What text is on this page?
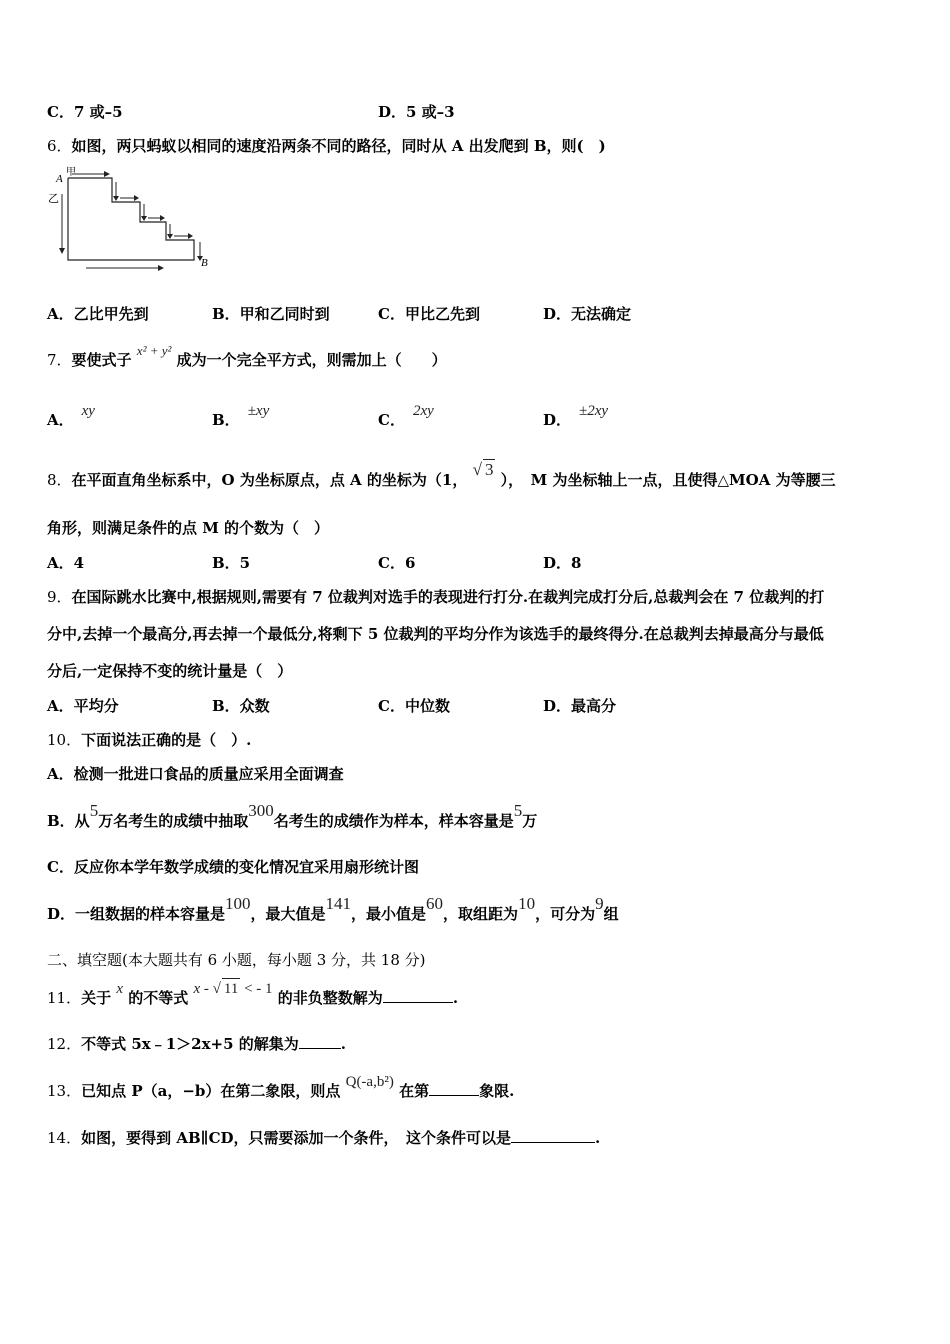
C．7 或–5	D．5 或–3
6．如图，两只蚂蚁以相同的速度沿两条不同的路径，同时从 A 出发爬到 B，则(　)
A
甲
乙
B
A．乙比甲先到	B．甲和乙同时到	C．甲比乙先到	D．无法确定
7．要使式子 x² + y² 成为一个完全平方式，则需加上（　　）
A． xy	B． ±xy	C． 2xy	D． ±2xy
8．在平面直角坐标系中，O 为坐标原点，点 A 的坐标为（1， √ 3 ），　M 为坐标轴上一点，且使得△MOA 为等腰三
角形，则满足条件的点 M 的个数为（　）
A．4	B．5	C．6	D．8
9．在国际跳水比赛中,根据规则,需要有 7 位裁判对选手的表现进行打分.在裁判完成打分后,总裁判会在 7 位裁判的打
分中,去掉一个最高分,再去掉一个最低分,将剩下 5 位裁判的平均分作为该选手的最终得分.在总裁判去掉最高分与最低
分后,一定保持不变的统计量是（　）
A．平均分	B．众数	C．中位数	D．最高分
10．下面说法正确的是（　）.
A．检测一批进口食品的质量应采用全面调查
B．从5万名考生的成绩中抽取300名考生的成绩作为样本，样本容量是5万
C．反应你本学年数学成绩的变化情况宜采用扇形统计图
D．一组数据的样本容量是100，最大值是141，最小值是60，取组距为10，可分为9组
二、填空题(本大题共有 6 小题，每小题 3 分，共 18 分)
11．关于 x 的不等式 x - √ 11 < - 1 的非负整数解为	.
12．不等式 5x﹣1＞2x+5 的解集为	.
13．已知点 P（a，−b）在第二象限，则点 Q(-a,b²) 在第	象限.
14．如图，要得到 AB∥CD，只需要添加一个条件，　这个条件可以是	.
